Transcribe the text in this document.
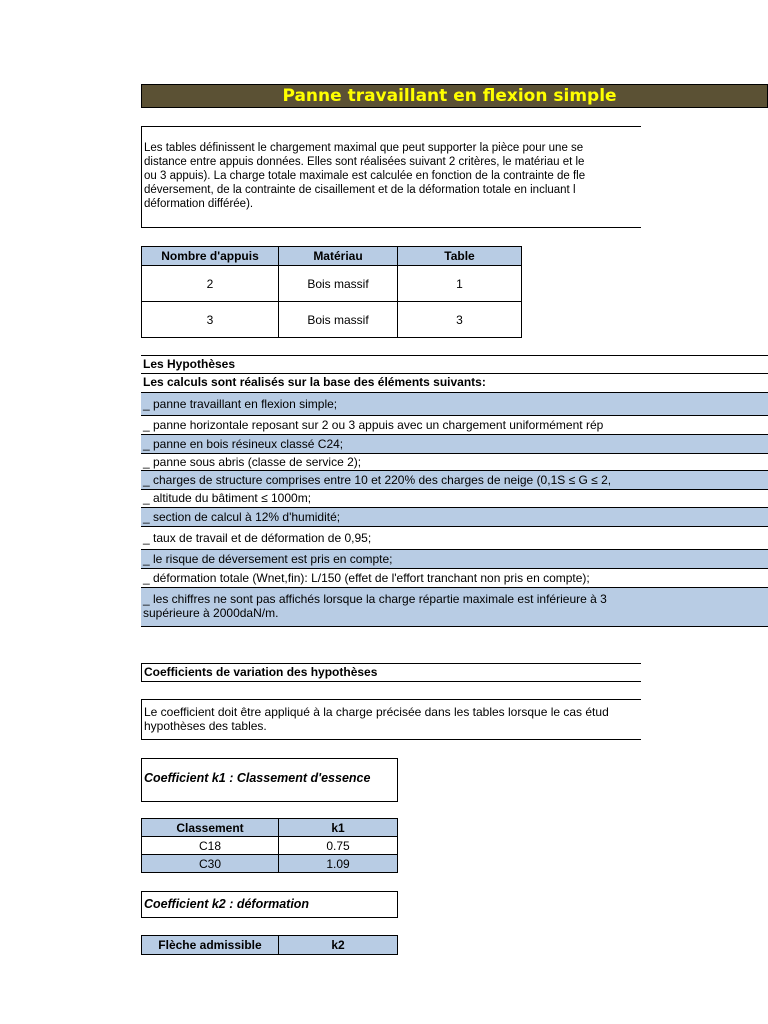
Panne travaillant en flexion simple

Les tables définissent le chargement maximal que peut supporter la pièce pour une se
distance entre appuis données. Elles sont réalisées suivant 2 critères, le matériau et le
ou 3 appuis). La charge totale maximale est calculée en fonction de la contrainte de fle
déversement, de la contrainte de cisaillement et de la déformation totale en incluant l
déformation différée).

Nombre d'appuis	Matériau	Table
2	Bois massif	1
3	Bois massif	3
Les Hypothèses
Les calculs sont réalisés sur la base des éléments suivants:
_ panne travaillant en flexion simple;
_ panne horizontale reposant sur 2 ou 3 appuis avec un chargement uniformément rép
_ panne en bois résineux classé C24;
_ panne sous abris (classe de service 2);
_ charges de structure comprises entre 10 et 220% des charges de neige (0,1S ≤ G ≤ 2,
_ altitude du bâtiment ≤ 1000m;
_ section de calcul à 12% d'humidité;
_ taux de travail et de déformation de 0,95;
_ le risque de déversement est pris en compte;
_ déformation totale (Wnet,fin): L/150 (effet de l'effort tranchant non pris en compte);
_ les chiffres ne sont pas affichés lorsque la charge répartie maximale est inférieure à 3
supérieure à 2000daN/m.
Coefficients de variation des hypothèses
Le coefficient doit être appliqué à la charge précisée dans les tables lorsque le cas étud
hypothèses des tables.
Coefficient k1 : Classement d'essence
Classement	k1
C18	0.75
C30	1.09
Coefficient k2 : déformation
Flèche admissible	k2
